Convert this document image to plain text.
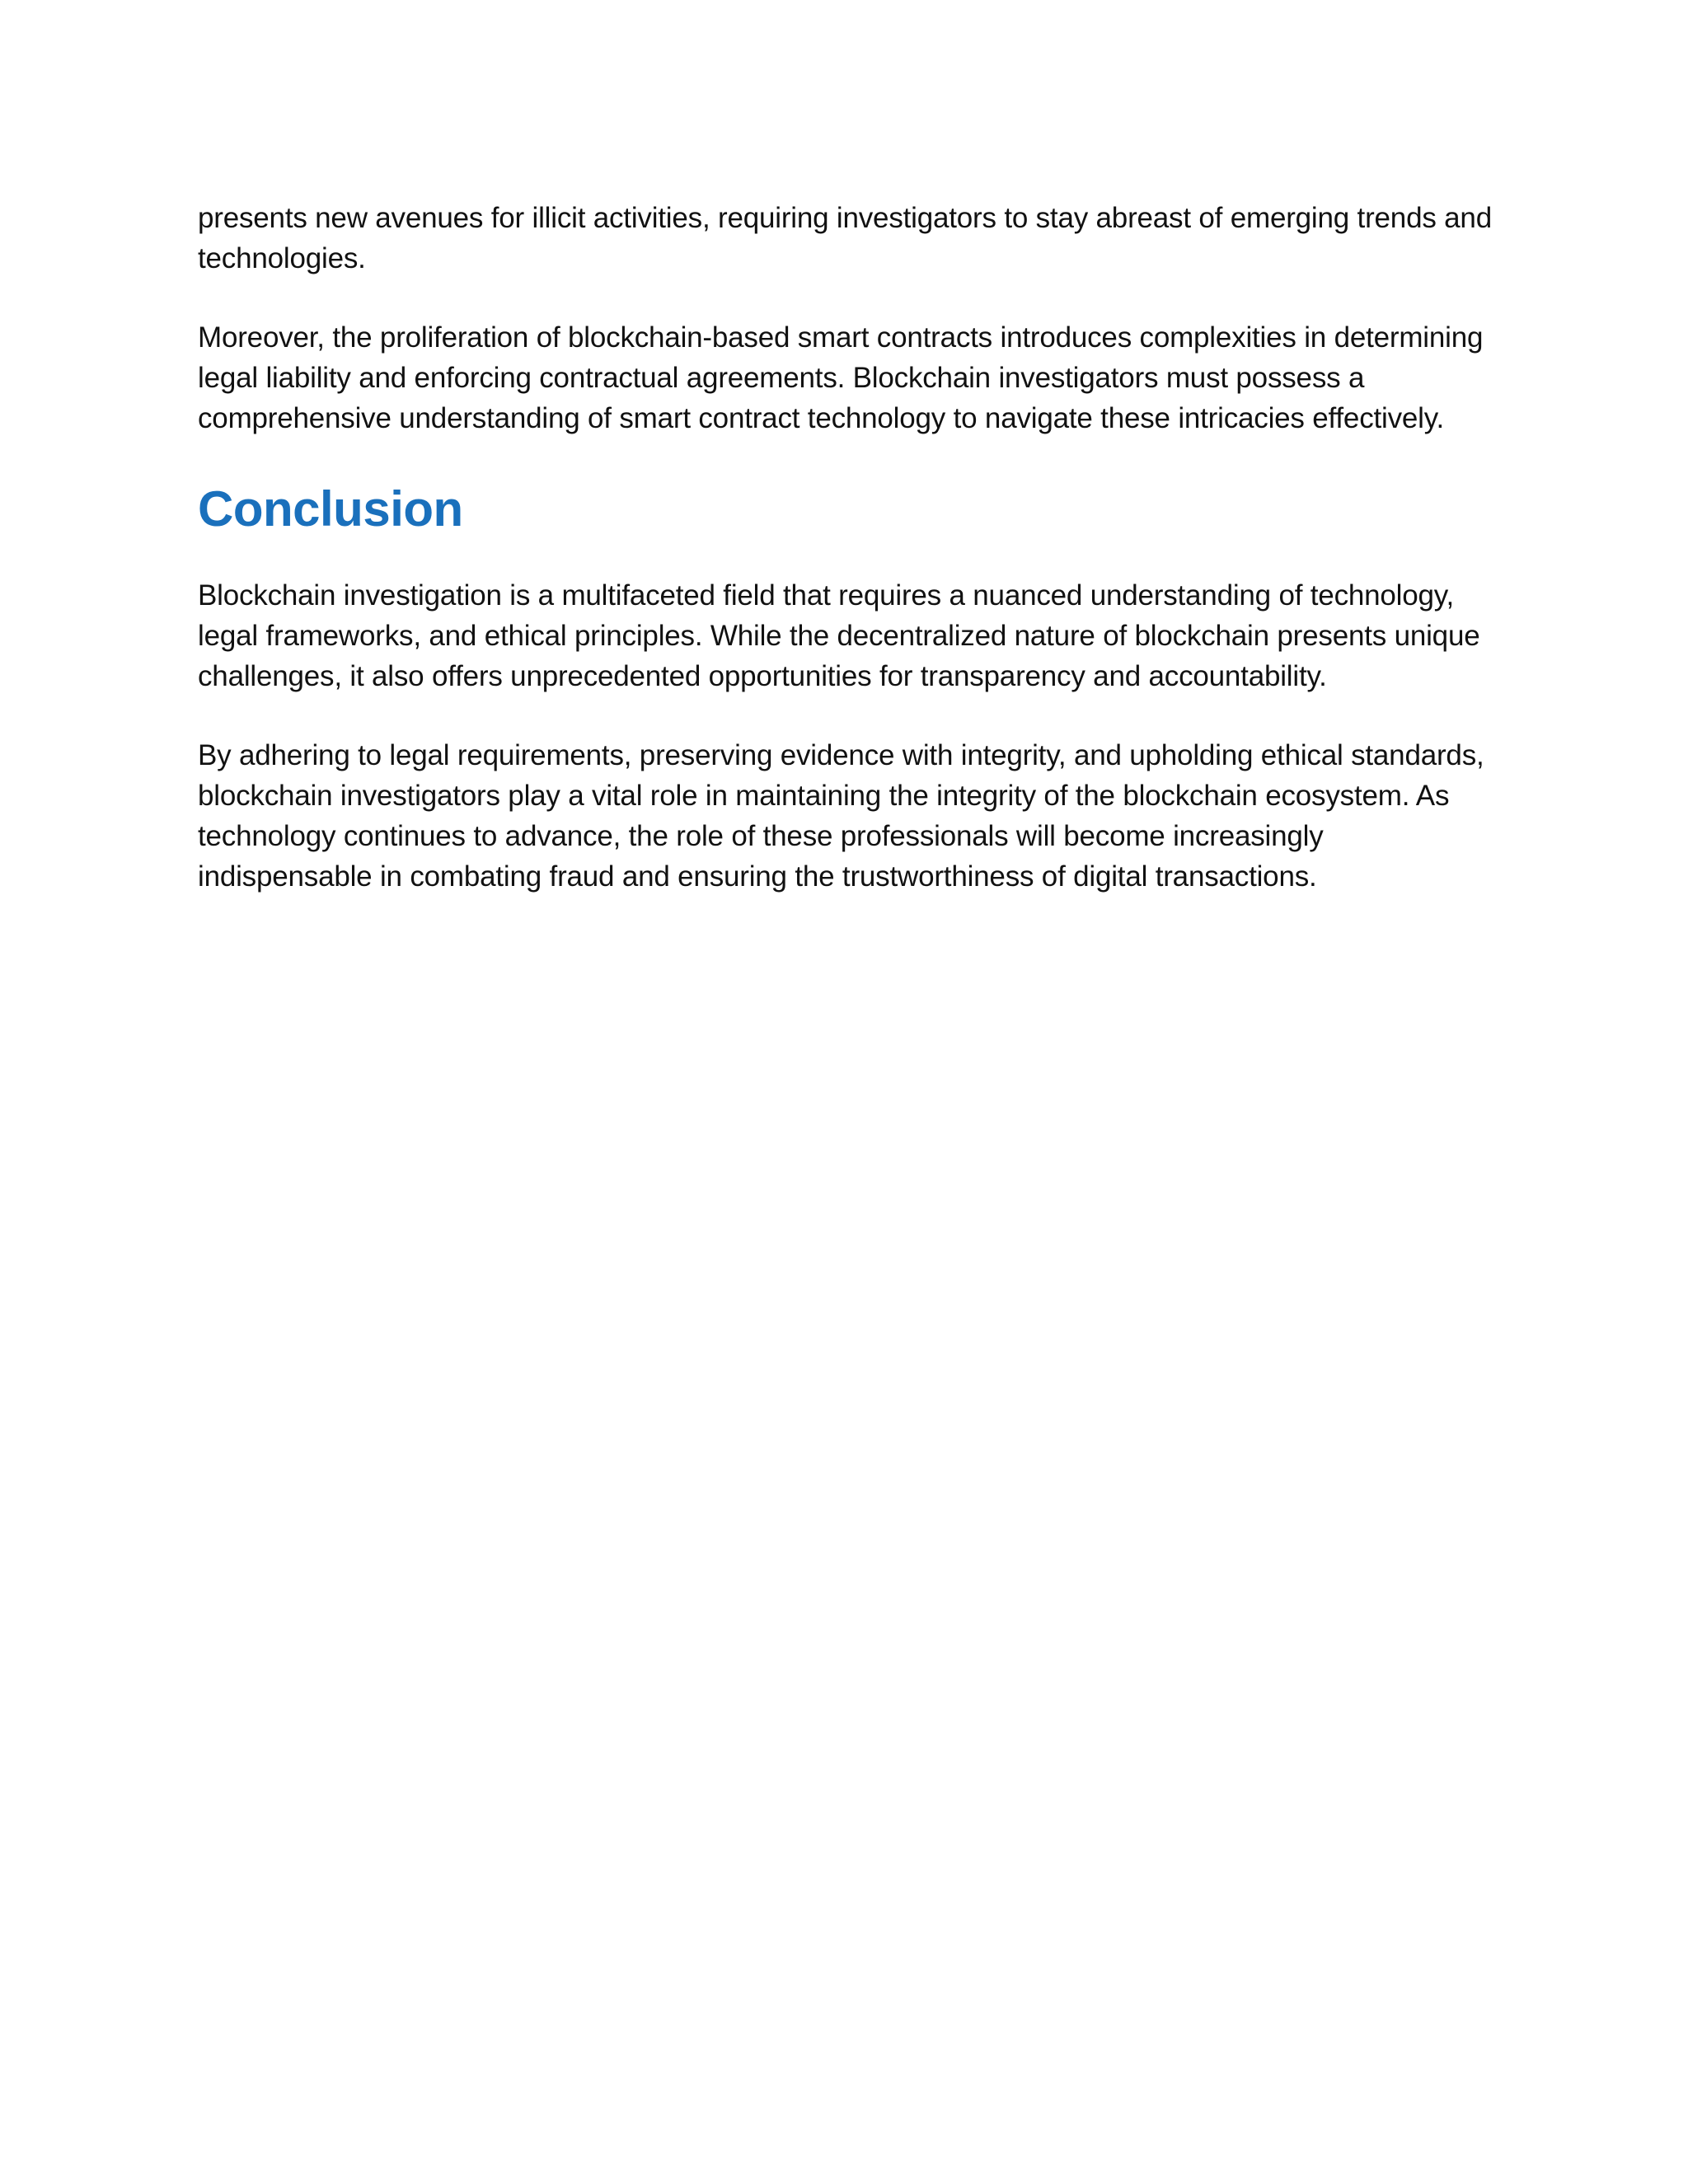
presents new avenues for illicit activities, requiring investigators to stay abreast of emerging trends and technologies.

Moreover, the proliferation of blockchain-based smart contracts introduces complexities in determining legal liability and enforcing contractual agreements. Blockchain investigators must possess a comprehensive understanding of smart contract technology to navigate these intricacies effectively.

Conclusion

Blockchain investigation is a multifaceted field that requires a nuanced understanding of technology, legal frameworks, and ethical principles. While the decentralized nature of blockchain presents unique challenges, it also offers unprecedented opportunities for transparency and accountability.

By adhering to legal requirements, preserving evidence with integrity, and upholding ethical standards, blockchain investigators play a vital role in maintaining the integrity of the blockchain ecosystem. As technology continues to advance, the role of these professionals will become increasingly indispensable in combating fraud and ensuring the trustworthiness of digital transactions.
